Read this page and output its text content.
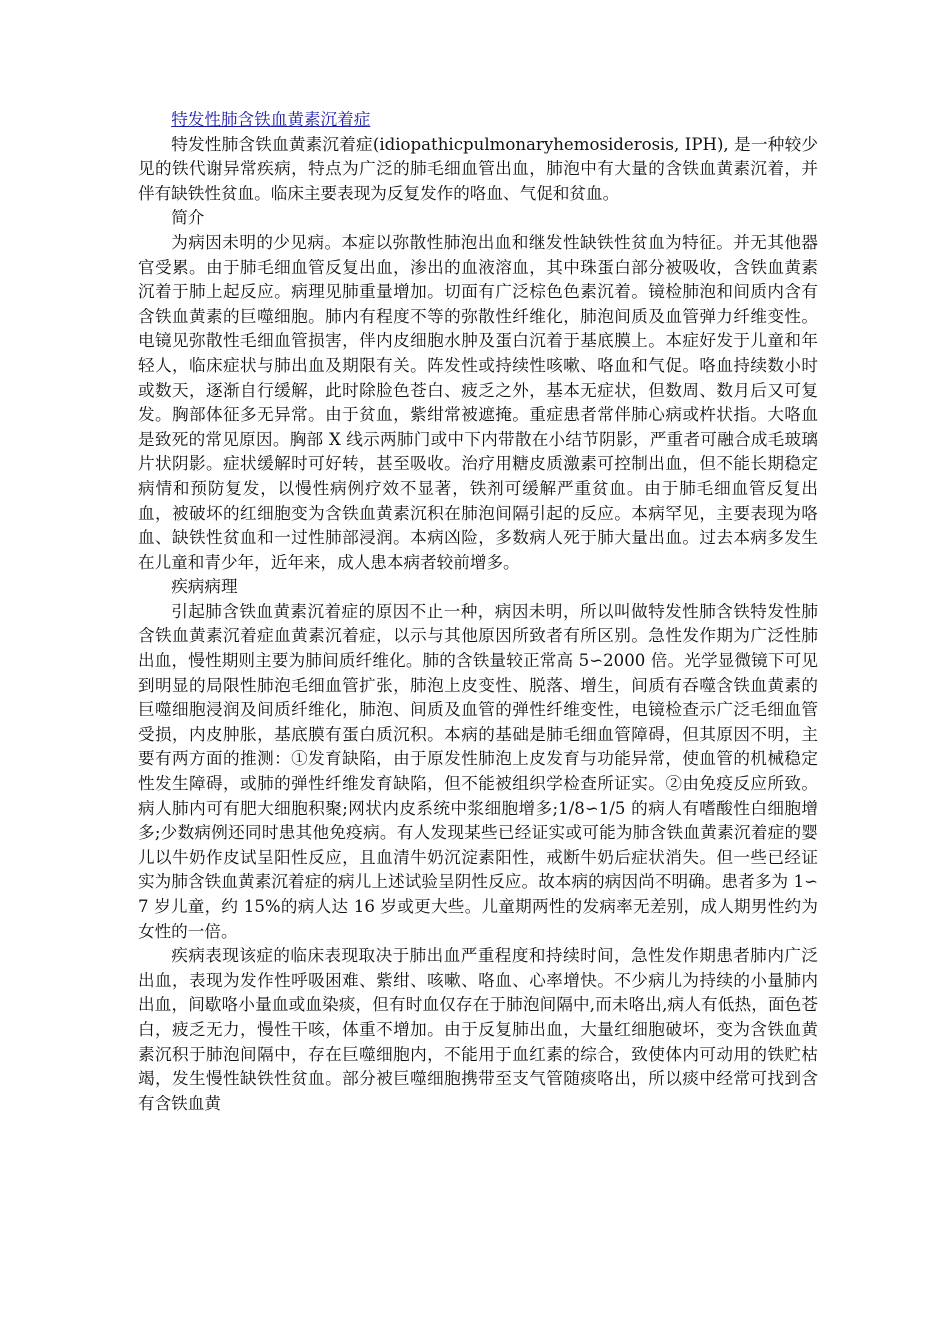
特发性肺含铁血黄素沉着症

特发性肺含铁血黄素沉着症(idiopathicpulmonaryhemosiderosis, IPH), 是一种较少见的铁代谢异常疾病，特点为广泛的肺毛细血管出血，肺泡中有大量的含铁血黄素沉着，并伴有缺铁性贫血。临床主要表现为反复发作的咯血、气促和贫血。

简介

为病因未明的少见病。本症以弥散性肺泡出血和继发性缺铁性贫血为特征。并无其他器官受累。由于肺毛细血管反复出血，渗出的血液溶血，其中珠蛋白部分被吸收，含铁血黄素沉着于肺上起反应。病理见肺重量增加。切面有广泛棕色色素沉着。镜检肺泡和间质内含有含铁血黄素的巨噬细胞。肺内有程度不等的弥散性纤维化，肺泡间质及血管弹力纤维变性。电镜见弥散性毛细血管损害，伴内皮细胞水肿及蛋白沉着于基底膜上。本症好发于儿童和年轻人，临床症状与肺出血及期限有关。阵发性或持续性咳嗽、咯血和气促。咯血持续数小时或数天，逐渐自行缓解，此时除脸色苍白、疲乏之外，基本无症状，但数周、数月后又可复发。胸部体征多无异常。由于贫血，紫绀常被遮掩。重症患者常伴肺心病或杵状指。大咯血是致死的常见原因。胸部 X 线示两肺门或中下内带散在小结节阴影，严重者可融合成毛玻璃片状阴影。症状缓解时可好转，甚至吸收。治疗用糖皮质激素可控制出血，但不能长期稳定病情和预防复发，以慢性病例疗效不显著，铁剂可缓解严重贫血。由于肺毛细血管反复出血，被破坏的红细胞变为含铁血黄素沉积在肺泡间隔引起的反应。本病罕见，主要表现为咯血、缺铁性贫血和一过性肺部浸润。本病凶险，多数病人死于肺大量出血。过去本病多发生在儿童和青少年，近年来，成人患本病者较前增多。

疾病病理

引起肺含铁血黄素沉着症的原因不止一种，病因未明，所以叫做特发性肺含铁特发性肺含铁血黄素沉着症血黄素沉着症，以示与其他原因所致者有所区别。急性发作期为广泛性肺出血，慢性期则主要为肺间质纤维化。肺的含铁量较正常高 5∽2000 倍。光学显微镜下可见到明显的局限性肺泡毛细血管扩张，肺泡上皮变性、脱落、增生，间质有吞噬含铁血黄素的巨噬细胞浸润及间质纤维化，肺泡、间质及血管的弹性纤维变性，电镜检查示广泛毛细血管受损，内皮肿胀，基底膜有蛋白质沉积。本病的基础是肺毛细血管障碍，但其原因不明，主要有两方面的推测：①发育缺陷，由于原发性肺泡上皮发育与功能异常，使血管的机械稳定性发生障碍，或肺的弹性纤维发育缺陷，但不能被组织学检查所证实。②由免疫反应所致。病人肺内可有肥大细胞积聚;网状内皮系统中浆细胞增多;1/8∽1/5 的病人有嗜酸性白细胞增多;少数病例还同时患其他免疫病。有人发现某些已经证实或可能为肺含铁血黄素沉着症的婴儿以牛奶作皮试呈阳性反应，且血清牛奶沉淀素阳性，戒断牛奶后症状消失。但一些已经证实为肺含铁血黄素沉着症的病儿上述试验呈阴性反应。故本病的病因尚不明确。患者多为 1∽7 岁儿童，约 15%的病人达 16 岁或更大些。儿童期两性的发病率无差别，成人期男性约为女性的一倍。

疾病表现该症的临床表现取决于肺出血严重程度和持续时间，急性发作期患者肺内广泛出血，表现为发作性呼吸困难、紫绀、咳嗽、咯血、心率增快。不少病儿为持续的小量肺内出血，间歇咯小量血或血染痰，但有时血仅存在于肺泡间隔中,而未咯出,病人有低热，面色苍白，疲乏无力，慢性干咳，体重不增加。由于反复肺出血，大量红细胞破坏，变为含铁血黄素沉积于肺泡间隔中，存在巨噬细胞内，不能用于血红素的综合，致使体内可动用的铁贮枯竭，发生慢性缺铁性贫血。部分被巨噬细胞携带至支气管随痰咯出，所以痰中经常可找到含有含铁血黄
